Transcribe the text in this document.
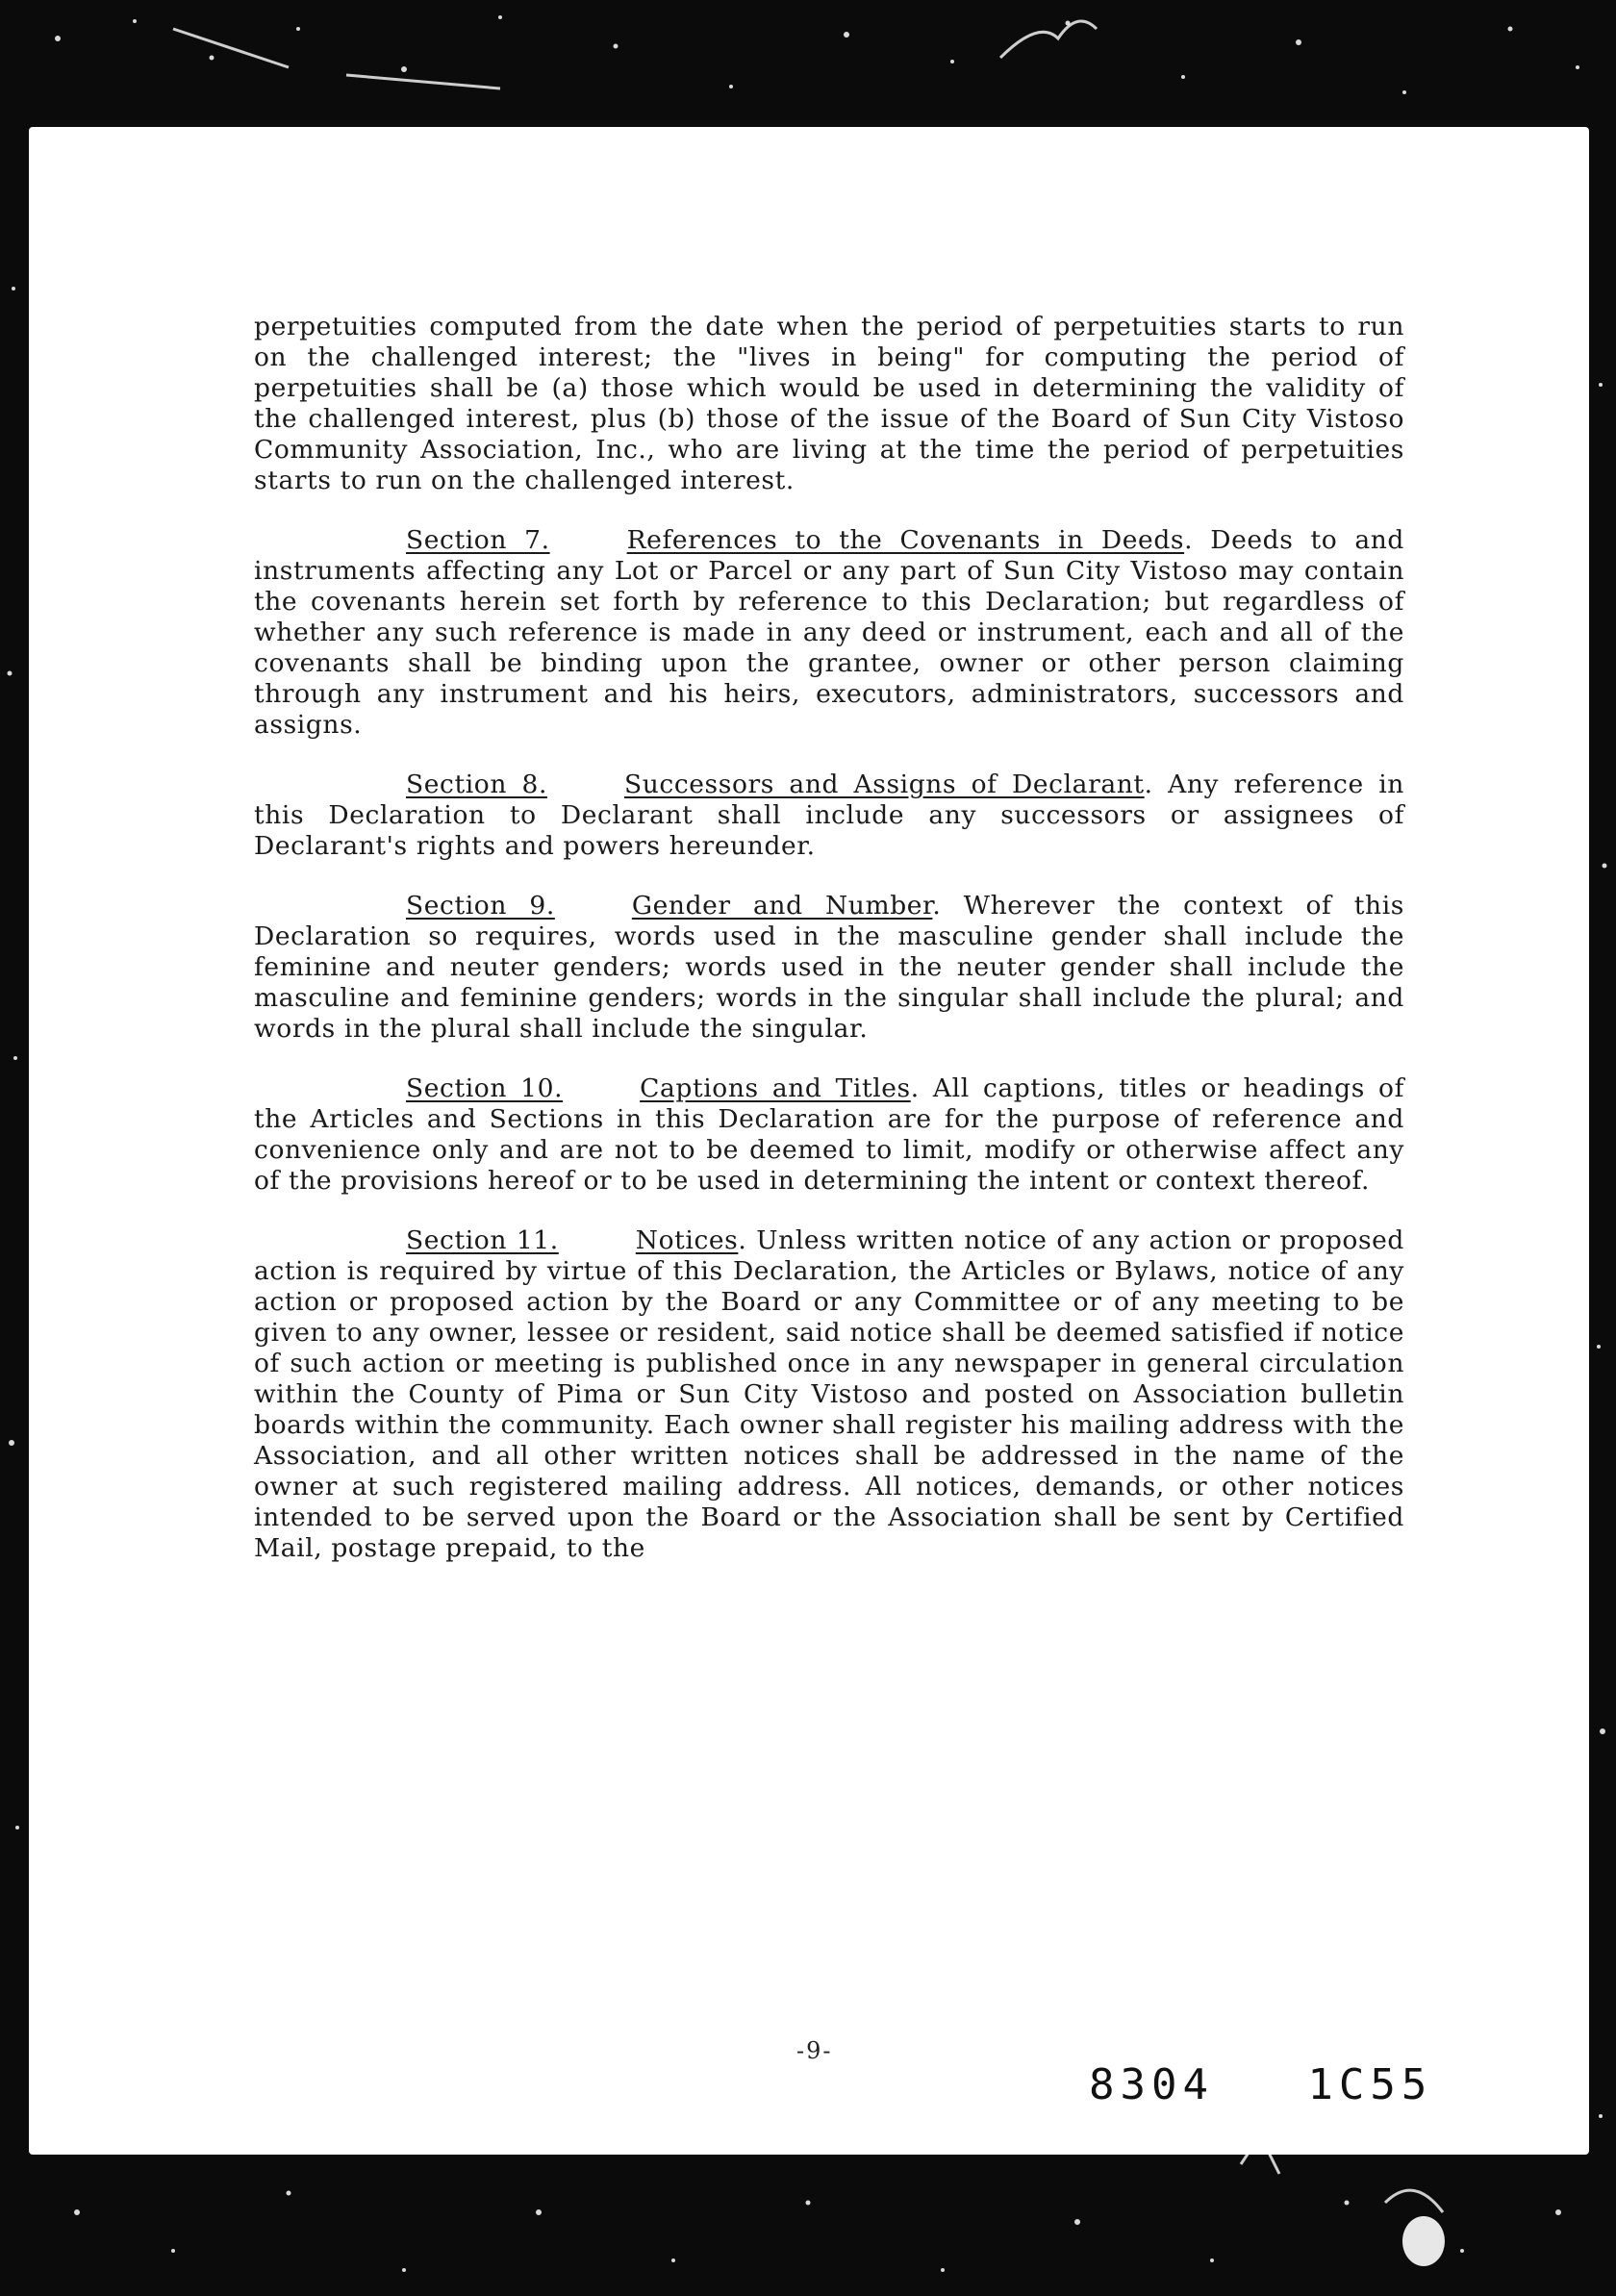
perpetuities computed from the date when the period of perpetuities starts to run on the challenged interest; the "lives in being" for computing the period of perpetuities shall be (a) those which would be used in determining the validity of the challenged interest, plus (b) those of the issue of the Board of Sun City Vistoso Community Association, Inc., who are living at the time the period of perpetuities starts to run on the challenged interest.

Section 7.	References to the Covenants in Deeds. Deeds to and instruments affecting any Lot or Parcel or any part of Sun City Vistoso may contain the covenants herein set forth by reference to this Declaration; but regardless of whether any such reference is made in any deed or instrument, each and all of the covenants shall be binding upon the grantee, owner or other person claiming through any instrument and his heirs, executors, administrators, successors and assigns.

Section 8.	Successors and Assigns of Declarant. Any reference in this Declaration to Declarant shall include any successors or assignees of Declarant's rights and powers hereunder.

Section 9.	Gender and Number. Wherever the context of this Declaration so requires, words used in the masculine gender shall include the feminine and neuter genders; words used in the neuter gender shall include the masculine and feminine genders; words in the singular shall include the plural; and words in the plural shall include the singular.

Section 10.	Captions and Titles. All captions, titles or headings of the Articles and Sections in this Declaration are for the purpose of reference and convenience only and are not to be deemed to limit, modify or otherwise affect any of the provisions hereof or to be used in determining the intent or context thereof.

Section 11.	Notices. Unless written notice of any action or proposed action is required by virtue of this Declaration, the Articles or Bylaws, notice of any action or proposed action by the Board or any Committee or of any meeting to be given to any owner, lessee or resident, said notice shall be deemed satisfied if notice of such action or meeting is published once in any newspaper in general circulation within the County of Pima or Sun City Vistoso and posted on Association bulletin boards within the community. Each owner shall register his mailing address with the Association, and all other written notices shall be addressed in the name of the owner at such registered mailing address. All notices, demands, or other notices intended to be served upon the Board or the Association shall be sent by Certified Mail, postage prepaid, to the

-9-
8304   1C55
